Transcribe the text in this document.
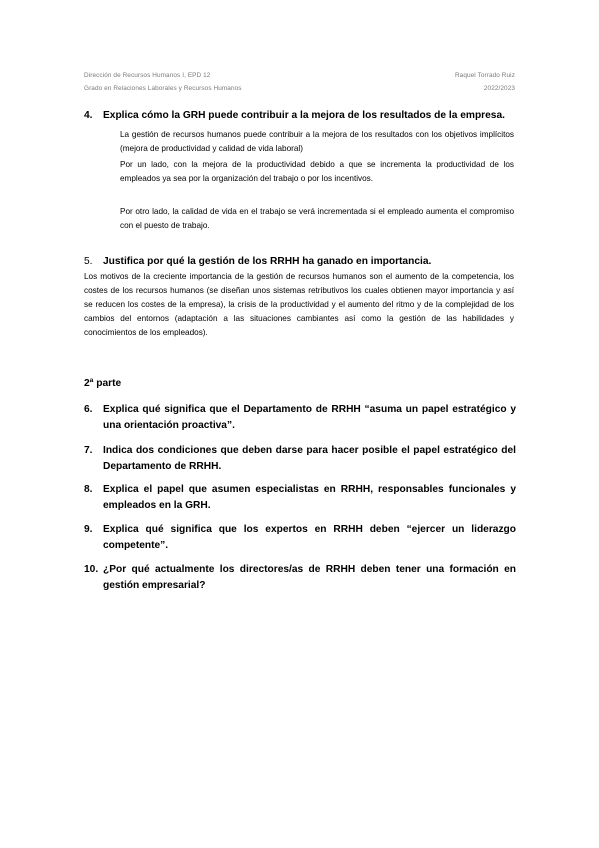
Dirección de Recursos Humanos I, EPD 12
Grado en Relaciones Laborales y Recursos Humanos
Raquel Torrado Ruiz
2022/2023
4. Explica cómo la GRH puede contribuir a la mejora de los resultados de la empresa.
La gestión de recursos humanos puede contribuir a la mejora de los resultados con los objetivos implícitos (mejora de productividad y calidad de vida laboral)
Por un lado, con la mejora de la productividad debido a que se incrementa la productividad de los empleados ya sea por la organización del trabajo o por los incentivos.
Por otro lado, la calidad de vida en el trabajo se verá incrementada si el empleado aumenta el compromiso con el puesto de trabajo.
5. Justifica por qué la gestión de los RRHH ha ganado en importancia.
Los motivos de la creciente importancia de la gestión de recursos humanos son el aumento de la competencia, los costes de los recursos humanos (se diseñan unos sistemas retributivos los cuales obtienen mayor importancia y así se reducen los costes de la empresa), la crisis de la productividad y el aumento del ritmo y de la complejidad de los cambios del entornos (adaptación a las situaciones cambiantes así como la gestión de las habilidades y conocimientos de los empleados).
2ª parte
6. Explica qué significa que el Departamento de RRHH “asuma un papel estratégico y una orientación proactiva”.
7. Indica dos condiciones que deben darse para hacer posible el papel estratégico del Departamento de RRHH.
8. Explica el papel que asumen especialistas en RRHH, responsables funcionales y empleados en la GRH.
9. Explica qué significa que los expertos en RRHH deben “ejercer un liderazgo competente”.
10. ¿Por qué actualmente los directores/as de RRHH deben tener una formación en gestión empresarial?
